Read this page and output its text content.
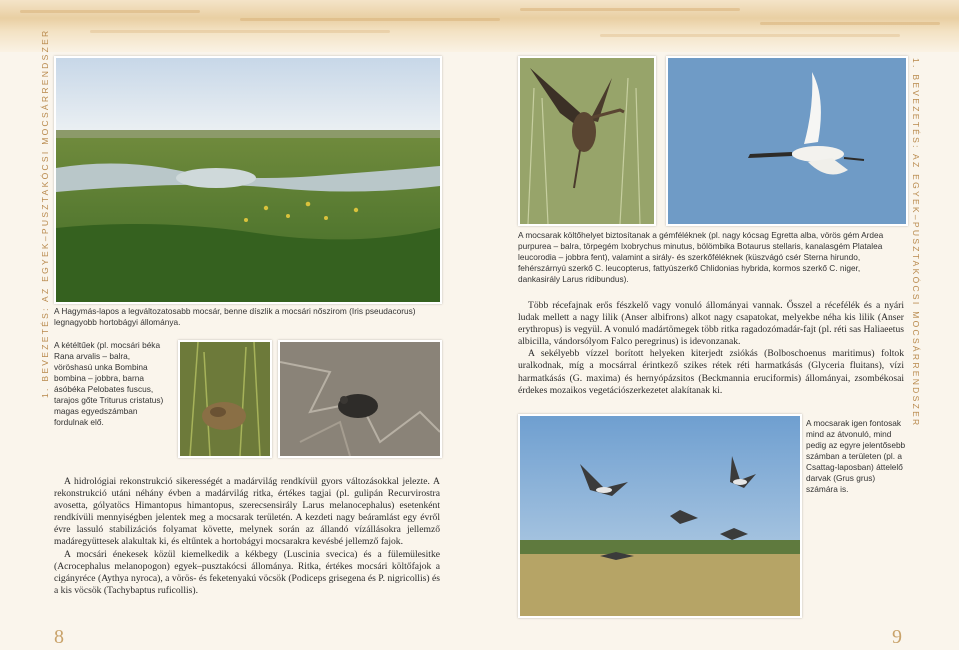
1. BEVEZETÉS: AZ EGYEK–PUSZTAKÓCSI MOCSÁRRENDSZER	1. BEVEZETÉS: AZ EGYEK–PUSZTAKÓCSI MOCSÁRRENDSZER
A Hagymás-lapos a legváltozatosabb mocsár, benne díszlik a mocsári nőszirom (Iris pseudacorus) legnagyobb hortobágyi állománya.
A kétéltűek (pl. mocsári béka Rana arvalis – balra, vöröshasú unka Bombina bombina – jobbra, barna ásóbéka Pelobates fuscus, tarajos gőte Triturus cristatus) magas egyedszámban fordulnak elő.

A hidrológiai rekonstrukció sikerességét a madárvilág rendkívül gyors változásokkal jelezte. A rekonstrukció utáni néhány évben a madárvilág ritka, értékes tagjai (pl. gulipán Recurvirostra avosetta, gólyatöcs Himantopus himantopus, szerecsensirály Larus melanocephalus) esetenként rendkívüli mennyiségben jelentek meg a mocsarak területén. A kezdeti nagy beáramlást egy évről évre lassuló stabilizációs folyamat követte, melynek során az állandó vízállásokra jellemző madáregyüttesek alakultak ki, és eltűntek a hortobágyi mocsarakra kevésbé jellemző fajok.

A mocsári énekesek közül kiemelkedik a kékbegy (Luscinia svecica) és a fülemülesitke (Acrocephalus melanopogon) egyek–pusztakócsi állománya. Ritka, értékes mocsári költőfajok a cigányréce (Aythya nyroca), a vörös- és feketenyakú vöcsök (Podiceps grisegena és P. nigricollis) és a kis vöcsök (Tachybaptus ruficollis).

8
A mocsarak költőhelyet biztosítanak a gémféléknek (pl. nagy kócsag Egretta alba, vörös gém Ardea purpurea – balra, törpegém Ixobrychus minutus, bölömbika Botaurus stellaris, kanalasgém Platalea leucorodia – jobbra fent), valamint a sirály- és szerkőféléknek (küszvágó csér Sterna hirundo, fehérszárnyú szerkő C. leucopterus, fattyúszerkő Chlidonias hybrida, kormos szerkő C. niger, dankasirály Larus ridibundus).

Több récefajnak erős fészkelő vagy vonuló állományai vannak. Ősszel a récefélék és a nyári ludak mellett a nagy lilik (Anser albifrons) alkot nagy csapatokat, melyekbe néha kis lilik (Anser erythropus) is vegyül. A vonuló madártömegek több ritka ragadozómadár-fajt (pl. réti sas Haliaeetus albicilla, vándorsólyom Falco peregrinus) is idevonzanak.

A sekélyebb vízzel borított helyeken kiterjedt zsiókás (Bolboschoenus maritimus) foltok uralkodnak, míg a mocsárral érintkező szikes rétek réti harmatkásás (Glyceria fluitans), vízi harmatkásás (G. maxima) és hernyópázsitos (Beckmannia eruciformis) állományai, zsombékosai érdekes mozaikos vegetációszerkezetet alakítanak ki.

A mocsarak igen fontosak mind az átvonuló, mind pedig az egyre jelentősebb számban a területen (pl. a Csattag-laposban) áttelelő darvak (Grus grus) számára is.
9
